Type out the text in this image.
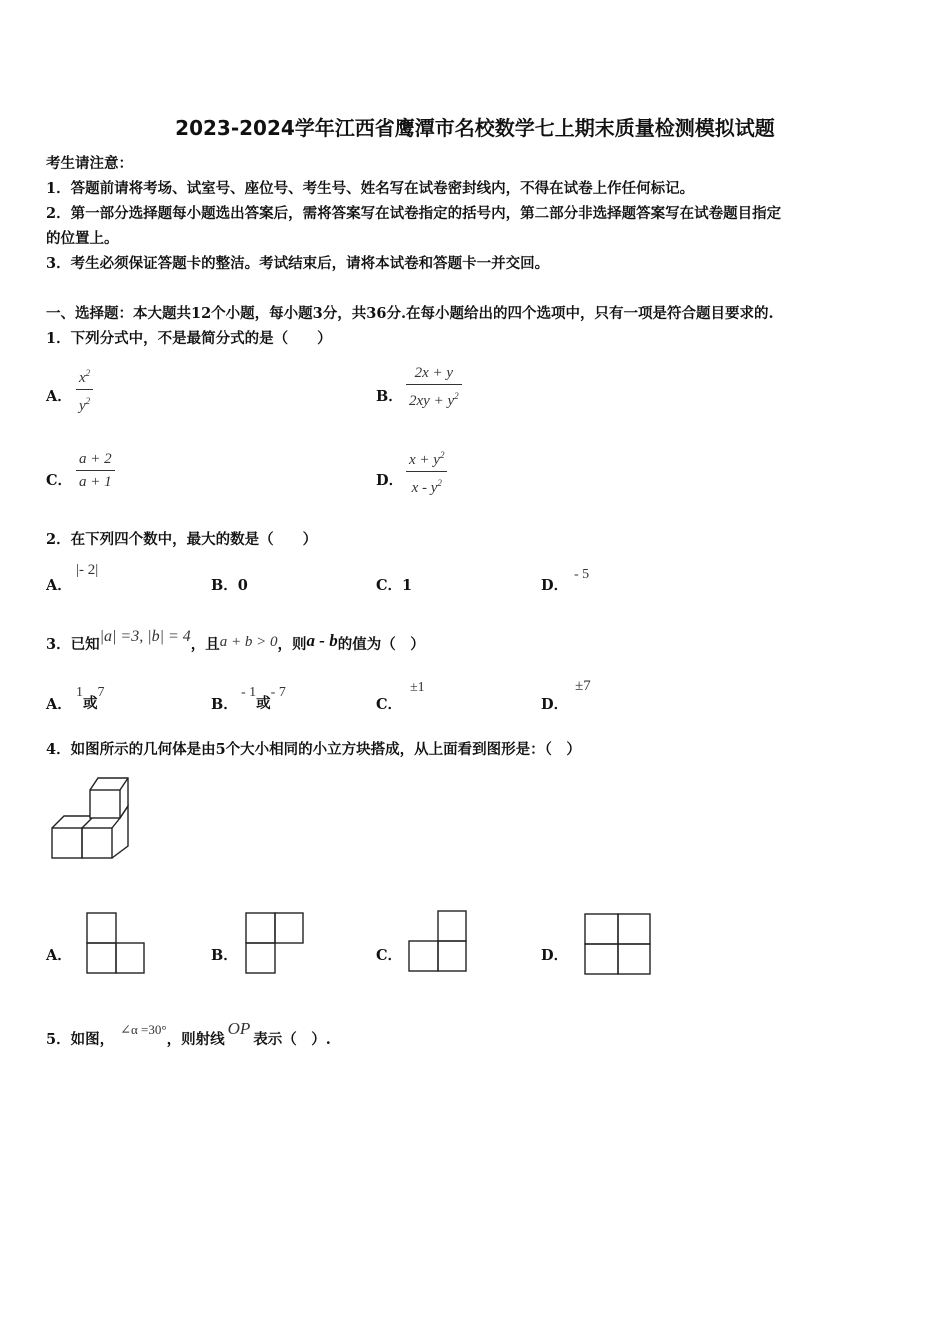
2023-2024学年江西省鹰潭市名校数学七上期末质量检测模拟试题
考生请注意：
1．答题前请将考场、试室号、座位号、考生号、姓名写在试卷密封线内，不得在试卷上作任何标记。
2．第一部分选择题每小题选出答案后，需将答案写在试卷指定的括号内，第二部分非选择题答案写在试卷题目指定
的位置上。
3．考生必须保证答题卡的整洁。考试结束后，请将本试卷和答题卡一并交回。
一、选择题：本大题共12个小题，每小题3分，共36分.在每小题给出的四个选项中，只有一项是符合题目要求的.
1．下列分式中，不是最简分式的是（　　）
A． $\frac{x^2}{y^2}$	B． $\frac{2x + y}{2xy + y^2}$
C． $\frac{a + 2}{a + 1}$	D． $\frac{x + y^2}{x - y^2}$
2．在下列四个数中，最大的数是（　　）
A．
|- 2|
B．0	C．1	D．
- 5
3．已知|a| =3, |b| = 4，且a + b > 0，则a - b的值为（　）
A．
1或7
B．
- 1或- 7
C．
±1
D．
±7
4．如图所示的几何体是由5个大小相同的小立方块搭成，从上面看到图形是：（　）
A．	B．	C．	D．
5．如图，∠α =30°，则射线OP表示（　）.
